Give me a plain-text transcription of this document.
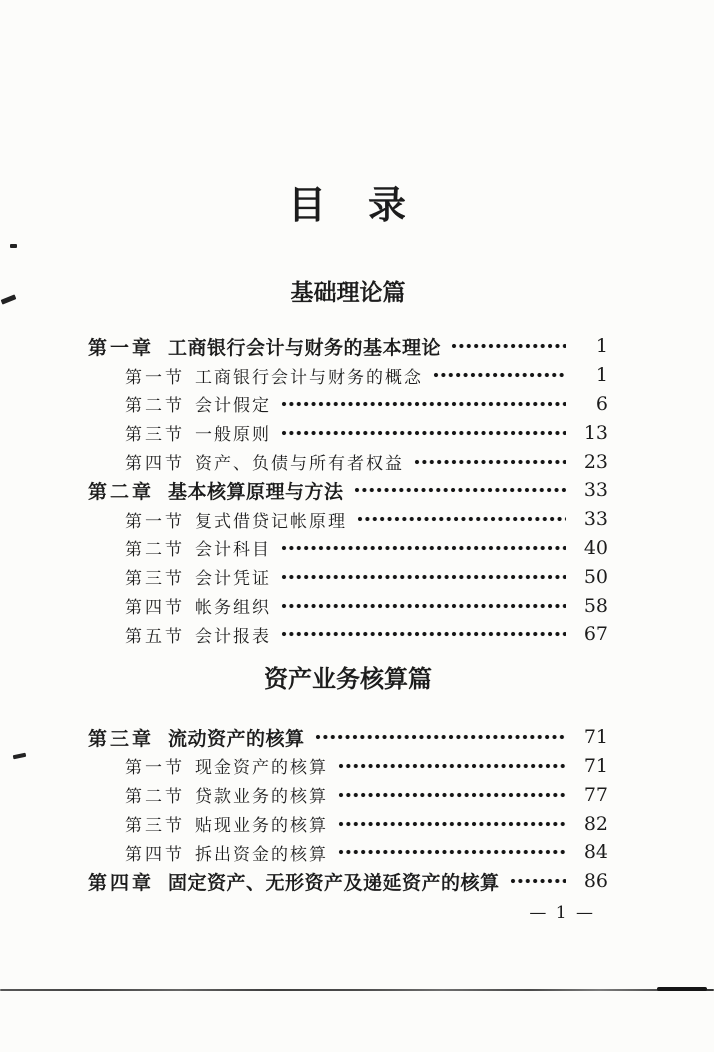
目　录
基础理论篇
第一章 工商银行会计与财务的基本理论	1
第一节 工商银行会计与财务的概念	1
第二节 会计假定	6
第三节 一般原则	13
第四节 资产、负债与所有者权益	23
第二章 基本核算原理与方法	33
第一节 复式借贷记帐原理	33
第二节 会计科目	40
第三节 会计凭证	50
第四节 帐务组织	58
第五节 会计报表	67
资产业务核算篇
第三章 流动资产的核算	71
第一节 现金资产的核算	71
第二节 贷款业务的核算	77
第三节 贴现业务的核算	82
第四节 拆出资金的核算	84
第四章 固定资产、无形资产及递延资产的核算	86
— 1 —
